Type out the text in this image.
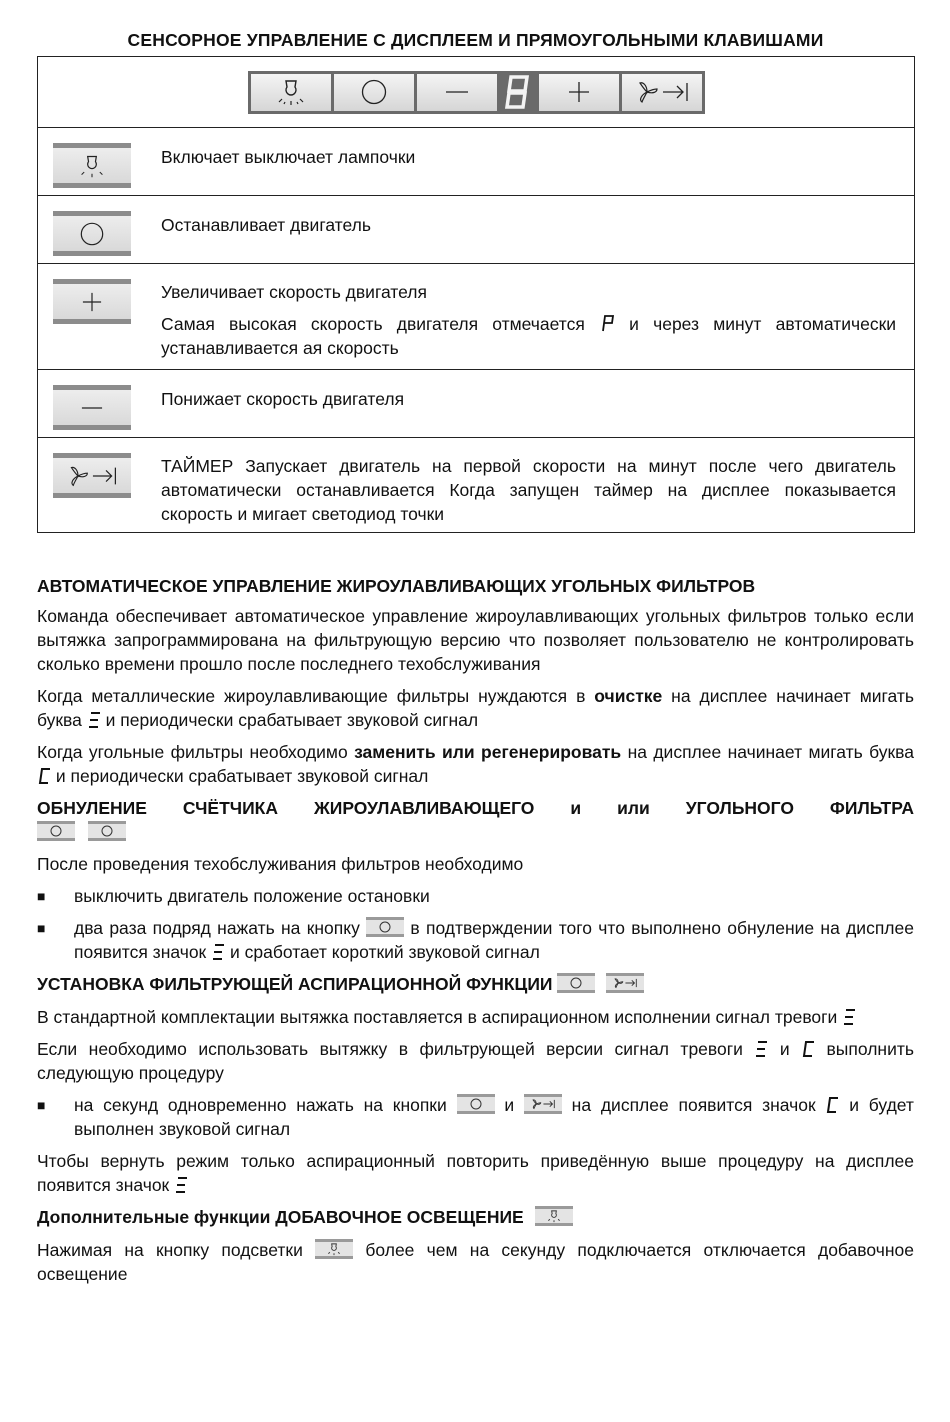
СЕНСОРНОЕ УПРАВЛЕНИЕ С ДИСПЛЕЕМ И ПРЯМОУГОЛЬНЫМИ КЛАВИШАМИ

Включает выключает лампочки

Останавливает двигатель

Увеличивает скорость двигателя

Самая высокая скорость двигателя отмечается	и через минут автоматически устанавливается ая скорость

Понижает скорость двигателя

ТАЙМЕР Запускает двигатель на первой скорости на минут после чего двигатель автоматически останавливается Когда запущен таймер на дисплее показывается скорость и мигает светодиод точки

АВТОМАТИЧЕСКОЕ УПРАВЛЕНИЕ ЖИРОУЛАВЛИВАЮЩИХ УГОЛЬНЫХ ФИЛЬТРОВ

Команда обеспечивает автоматическое управление жироулавливающих угольных фильтров только если вытяжка запрограммирована на фильтрующую версию что позволяет пользователю не контролировать сколько времени прошло после последнего техобслуживания

Когда металлические жироулавливающие фильтры нуждаются в очистке на дисплее начинает мигать буква и периодически срабатывает звуковой сигнал

Когда угольные фильтры необходимо заменить или регенерировать на дисплее начинает мигать буква  и периодически срабатывает звуковой сигнал

ОБНУЛЕНИЕ СЧЁТЧИКА ЖИРОУЛАВЛИВАЮЩЕГО и или УГОЛЬНОГО ФИЛЬТРА

После проведения техобслуживания фильтров необходимо

■	выключить двигатель положение остановки
■	два раза подряд нажать на кнопку	в подтверждении того что выполнено обнуление на дисплее появится значок и сработает короткий звуковой сигнал
УСТАНОВКА ФИЛЬТРУЮЩЕЙ АСПИРАЦИОННОЙ ФУНКЦИИ

В стандартной комплектации вытяжка поставляется в аспирационном исполнении сигнал тревоги

Если необходимо использовать вытяжку в фильтрующей версии сигнал тревоги и выполнить следующую процедуру

■	на секунд одновременно нажать на кнопки	и	на дисплее появится значок и будет выполнен звуковой сигнал

Чтобы вернуть режим только аспирационный повторить приведённую выше процедуру на дисплее появится значок

Дополнительные функции ДОБАВОЧНОЕ ОСВЕЩЕНИЕ

Нажимая на кнопку подсветки	более чем на секунду подключается отключается добавочное освещение
